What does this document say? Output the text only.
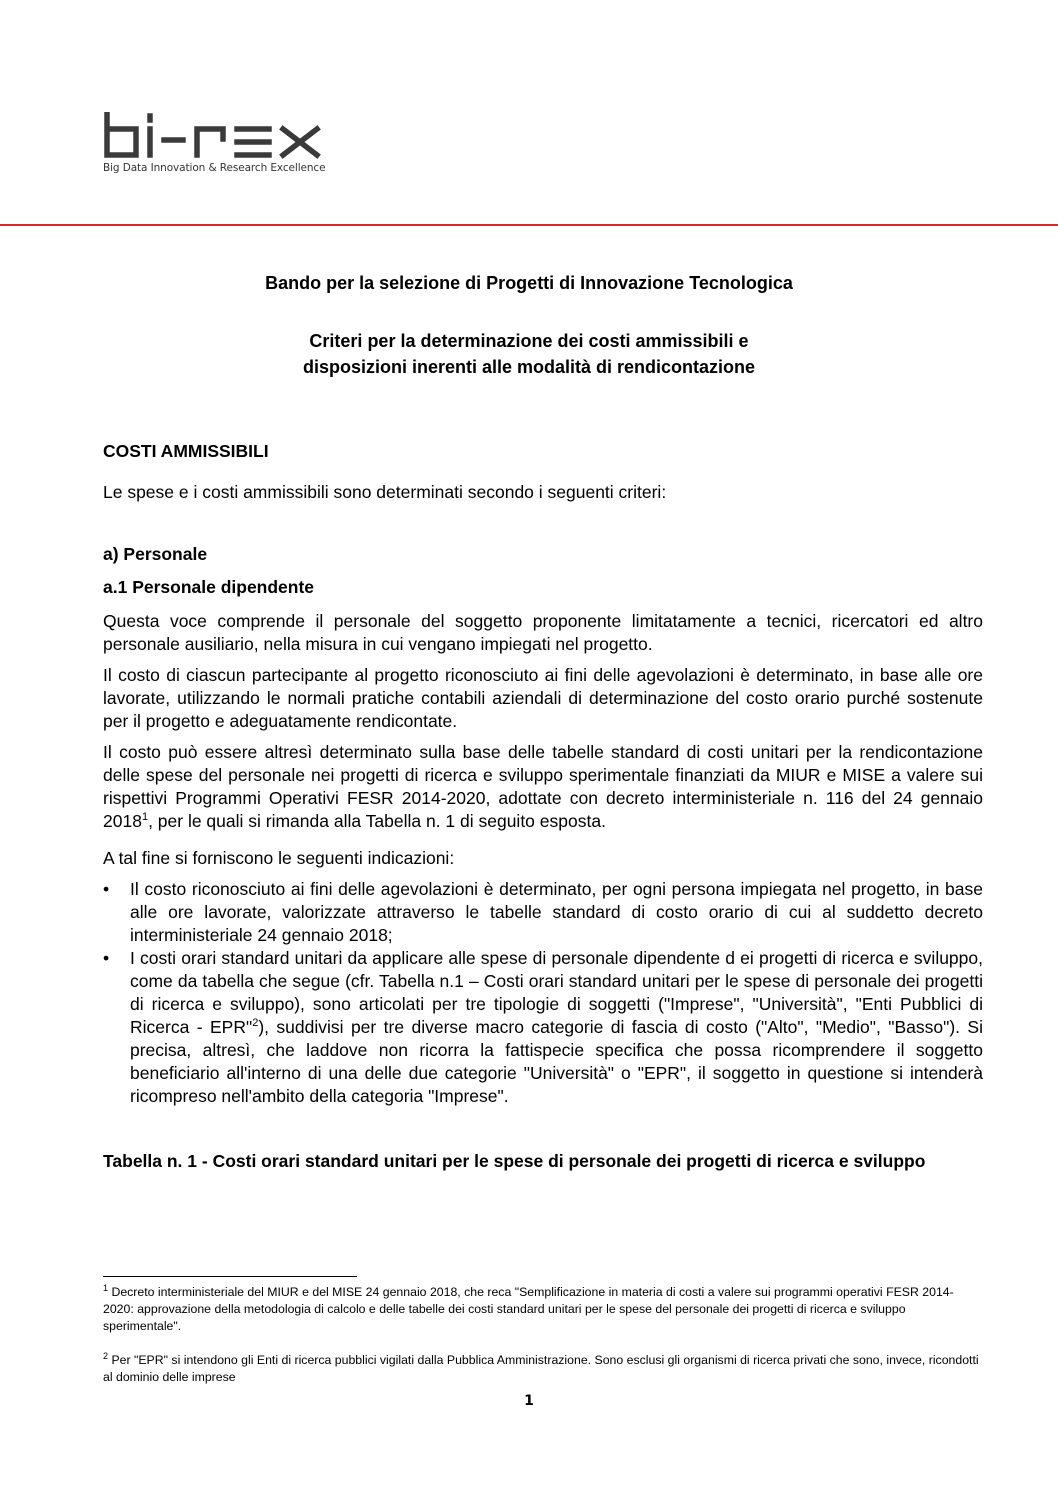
Big Data Innovation & Research Excellence
Bando per la selezione di Progetti di Innovazione Tecnologica
Criteri per la determinazione dei costi ammissibili e
disposizioni inerenti alle modalità di rendicontazione
COSTI AMMISSIBILI
Le spese e i costi ammissibili sono determinati secondo i seguenti criteri:
a) Personale
a.1 Personale dipendente

Questa voce comprende il personale del soggetto proponente limitatamente a tecnici, ricercatori ed altro personale ausiliario, nella misura in cui vengano impiegati nel progetto.

Il costo di ciascun partecipante al progetto riconosciuto ai fini delle agevolazioni è determinato, in base alle ore lavorate, utilizzando le normali pratiche contabili aziendali di determinazione del costo orario purché sostenute per il progetto e adeguatamente rendicontate.

Il costo può essere altresì determinato sulla base delle tabelle standard di costi unitari per la rendicontazione delle spese del personale nei progetti di ricerca e sviluppo sperimentale finanziati da MIUR e MISE a valere sui rispettivi Programmi Operativi FESR 2014-2020, adottate con decreto interministeriale n. 116 del 24 gennaio 2018$^1$, per le quali si rimanda alla Tabella n. 1 di seguito esposta.

A tal fine si forniscono le seguenti indicazioni:

• Il costo riconosciuto ai fini delle agevolazioni è determinato, per ogni persona impiegata nel progetto, in base alle ore lavorate, valorizzate attraverso le tabelle standard di costo orario di cui al suddetto decreto interministeriale 24 gennaio 2018;

• I costi orari standard unitari da applicare alle spese di personale dipendente d ei progetti di ricerca e sviluppo, come da tabella che segue (cfr. Tabella n.1 – Costi orari standard unitari per le spese di personale dei progetti di ricerca e sviluppo), sono articolati per tre tipologie di soggetti ("Imprese", "Università", "Enti Pubblici di Ricerca - EPR"$^2$), suddivisi per tre diverse macro categorie di fascia di costo ("Alto", "Medio", "Basso"). Si precisa, altresì, che laddove non ricorra la fattispecie specifica che possa ricomprendere il soggetto beneficiario all'interno di una delle due categorie "Università" o "EPR", il soggetto in questione si intenderà ricompreso nell'ambito della categoria "Imprese".

Tabella n. 1 - Costi orari standard unitari per le spese di personale dei progetti di ricerca e sviluppo

$^1$ Decreto interministeriale del MIUR e del MISE 24 gennaio 2018, che reca "Semplificazione in materia di costi a valere sui programmi operativi FESR 2014-2020: approvazione della metodologia di calcolo e delle tabelle dei costi standard unitari per le spese del personale dei progetti di ricerca e sviluppo sperimentale".

$^2$ Per "EPR" si intendono gli Enti di ricerca pubblici vigilati dalla Pubblica Amministrazione. Sono esclusi gli organismi di ricerca privati che sono, invece, ricondotti al dominio delle imprese

1
